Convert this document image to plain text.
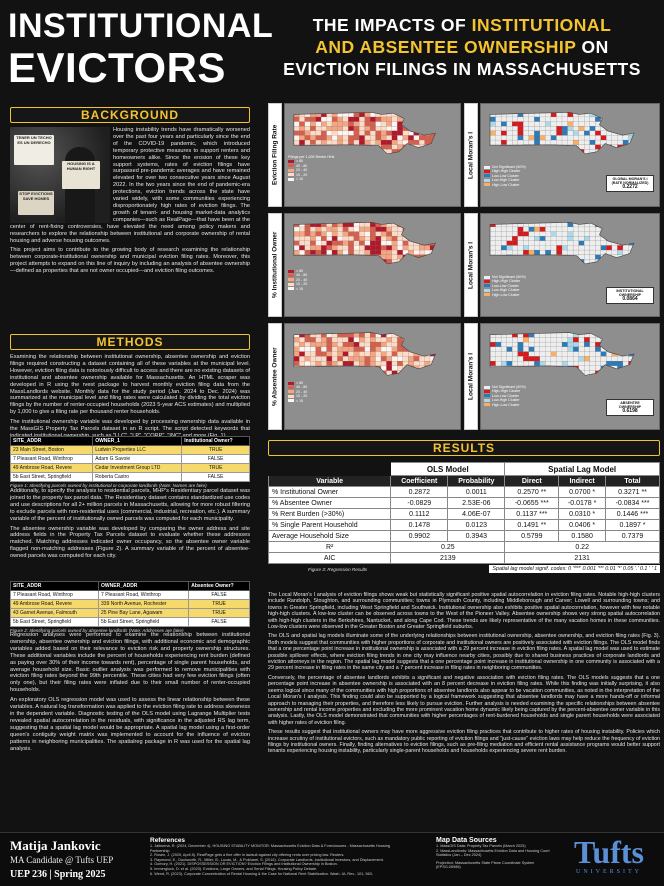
INSTITUTIONAL
EVICTORS
THE IMPACTS OF INSTITUTIONAL
AND ABSENTEE OWNERSHIP ON
EVICTION FILINGS IN MASSACHUSETTS
BACKGROUND
TENER UN TECHO ES UN DERECHO
HOUSING IS A HUMAN RIGHT
STOP EVICTIONS SAVE HOMES

Housing instability trends have dramatically worsened over the past four years and particularly since the end of the COVID-19 pandemic, which introduced temporary protective measures to support renters and homeowners alike. Since the erosion of these key support systems, rates of eviction filings have surpassed pre-pandemic averages and have remained elevated for over two consecutive years since August 2022. In the two years since the end of pandemic-era protections, eviction trends across the state have varied widely, with some communities experiencing disproportionately high rates of eviction filings. The growth of tenant- and housing market-data analytics companies—such as RealPage—that have been at the center of rent-fixing controversies, have elevated the need among policy makers and researchers to explore the relationship between institutional and corporate ownership of rental housing and adverse housing outcomes.

This project aims to contribute to the growing body of research examining the relationship between corporate-institutional ownership and municipal eviction filing rates. Moreover, this project attempts to expand on this line of inquiry by including an analysis of absentee ownership—defined as properties that are not owner occupied—and eviction filing outcomes.

METHODS

Examining the relationship between institutional ownership, absentee ownership and eviction filings required constructing a dataset containing all of these variables at the municipal level. However, eviction filing data is notoriously difficult to access and there are no existing datasets of institutional and absentee ownership available for Massachusetts. An HTML scraper was developed in R using the rvest package to harvest monthly eviction filing data from the MassLandlords website. Monthly data for the study period (Jan. 2024 to Dec. 2024) was summarized at the municipal level and filing rates were calculated by dividing the total eviction filings by the number of renter-occupied households (2023 5-year ACS estimates) and multiplied by 1,000 to give a filing rate per thousand renter households.

The institutional ownership variable was developed by processing ownership data available in the MassGIS Property Tax Parcels dataset in an R script. The script detected keywords that

SITE_ADDR	OWNER_1	Institutional Owner?
23 Main Street, Boston	Ludwin Properties LLC	TRUE
7 Pleasant Road, Winthrop	Adam G Savoie	FALSE
49 Ambrose Road, Revere	Cedar Investment Group LTD	TRUE
5b East Street, Springfield	Roberta Castro	FALSE
Figure 1: Identifying parcels owned by institutional or corporate landlords (Note: Names are fake)

Additionally, to specify the analysis to residential parcels, MHP's Residentiary parcel dataset was joined to the property tax parcel data. The Residentiary dataset contains standardized use codes and use descriptions for all 2+ million parcels in Massachusetts, allowing for more robust filtering to exclude parcels with non-residential uses (commercial, industrial, recreation, etc.). A summary variable of the percent of institutionally owned parcels was computed for each municipality.

The absentee ownership variable was developed by comparing the owner address and site address fields in the Property Tax Parcels dataset to evaluate whether these addresses matched. Matching addresses indicated owner occupancy, so the absentee owner variable flagged non-matching addresses (Figure 2). A summary variable of the percent of absentee-owned parcels was computed for each city.

SITE_ADDR	OWNER_ADDR	Absentee Owner?
7 Pleasant Road, Winthrop	7 Pleasant Road, Winthrop	FALSE
49 Ambrose Road, Revere	339 North Avenue, Rochester	TRUE
43 Garnet Avenue, Falmouth	25 Pine Bay Lane, Agawam	TRUE
5b East Street, Springfield	5b East Street, Springfield	FALSE
Figure 2: Identifying parcels owned by absentee landlords (Note: Addresses are fake)

Regression analyses were performed to examine the relationship between institutional ownership, absentee ownership and eviction filings, with additional economic and demographic variables added based on their relevance to eviction risk and property ownership structures. These additional variables include the percent of households experiencing rent burden (defined as paying over 30% of their income towards rent), percentage of single parent households, and average household size. Basic outlier analysis was performed to remove municipalities with eviction filing rates beyond the 99th percentile. These cities had very few eviction filings (often only one), but their filing rates were inflated due to their small number of renter-occupied households.

An exploratory OLS regression model was used to assess the linear relationship between these variables. A natural log transformation was applied to the eviction filing rate to address skewness in the dependent variable. Diagnostic testing of the OLS model using Lagrange Multiplier tests revealed spatial autocorrelation in the residuals, with significance in the adjusted RS lag term, suggesting that a spatial lag model would be appropriate. A spatial lag model using a first-order queen's contiguity weight matrix was implemented to account for the influence of eviction patterns in neighboring municipalities. The spatialreg package in R was used for the spatial lag analysis.

Eviction Filing Rate	Local Moran's I
% Institutional Owner	Local Moran's I
% Absentee Owner	Local Moran's I
Filings per 1,000 Renter HHs
> 80
40 - 80
20 - 40
10 - 20
< 10
> 80
40 - 80
20 - 40
10 - 20
< 10
> 80
40 - 80
20 - 40
10 - 20
< 10
Not Significant (60%)
High-High Cluster
Low-Low Cluster
Low-High Cluster
High-Low Cluster
GLOBAL MORAN'S I (RATE NORMALIZED)
0.2272
Not Significant (60%)
High-High Cluster
Low-Low Cluster
Low-High Cluster
High-Low Cluster
INSTITUTIONAL OWNERSHIP
0.0864
Not Significant (60%)
High-High Cluster
Low-Low Cluster
Low-High Cluster
High-Low Cluster	ABSENTEE OWNERSHIP
0.6198
RESULTS
	OLS Model		Spatial Lag Model		
Variable	Coefficient	Probability	Direct	Indirect	Total
% Institutional Owner	0.2872	0.0011	0.2570 **	0.0700 *	0.3271 **
% Absentee Owner	-0.0829	2.53E-06	-0.0655 ***	-0.0178 *	-0.0834 ***
% Rent Burden (>30%)	0.1112	4.06E-07	0.1137 ***	0.0310 *	0.1446 ***
% Single Parent Household	0.1478	0.0123	0.1491 **	0.0406 *	0.1897 *
Average Household Size	0.9902	0.3943	0.5799	0.1580	0.7379
R²	0.25		0.22		
AIC	2139		2131		
Figure 3: Regression Results	Spatial lag model signif. codes: 0 '***' 0.001 '**' 0.01 '*' 0.05 '.' 0.1 ' ' 1

The Local Moran's I analysis of eviction filings shows weak but statistically significant positive spatial autocorrelation in eviction filing rates. Notable high-high clusters include Randolph, Stoughton, and surrounding communities; towns in Plymouth County, including Middleborough and Carver; Lowell and surrounding towns; and towns in Greater Springfield, including West Springfield and Southwick. Institutional ownership also exhibits positive spatial autocorrelation, however with few notable high-high clusters. A low-low cluster can be observed across towns to the West of the Pioneer Valley. Absentee ownership shows very strong spatial autocorrelation with high-high clusters in the Berkshires, Nantucket, and along Cape Cod. These trends are likely representative of the many vacation homes in these communities. Low-low clusters were observed in the Greater Boston and Greater Springfield suburbs.

The OLS and spatial lag models illuminate some of the underlying relationships between institutional ownership, absentee ownership, and eviction filing rates (Fig. 3). Both models suggest that communities with higher proportions of corporate and institutional owners are positively associated with eviction filings. The OLS model finds that a one percentage point increase in institutional ownership is associated with a 29 percent increase in eviction filing rates. A spatial lag model was used to estimate possible spillover effects, where eviction filing trends in one city may influence nearby cities, possibly due to shared business practices of corporate landlords and eviction attorneys in the region. The spatial lag model suggests that a one percentage point increase in institutional ownership in one community is associated with a 29 percent increase in filing rates in the same city and a 7 percent increase in filing rates in neighboring communities.

Conversely, the percentage of absentee landlords exhibits a significant and negative association with eviction filing rates. The OLS models suggests that a one percentage point increase in absentee ownership is associated with an 8 percent decrease in eviction filing rates. While this finding was initially surprising, it also seems logical since many of the communities with high proportions of absentee landlords also appear to be vacation communities, as noted in the interpretation of the Local Moran's I analysis. This finding could also be supported by a logical framework suggesting that absentee landlords may have a more hands-off or informal approach to managing their properties, and therefore less likely to pursue eviction. Further analysis is needed examining the specific relationships between absentee ownership and rental income properties and excluding the more prominent vacation home dynamic likely being captured by the percent-absentee owner variable in this analysis. Lastly, the OLS model demonstrated that communities with higher percentages of rent-burdened households and single parent households were associated with higher rates of eviction filing.

These results suggest that institutional owners may have more aggressive eviction filing practices that contribute to higher rates of housing instability. Policies which increase scrutiny of institutional evictors, such as mandatory public reporting of eviction filings and "just-cause" eviction laws may help reduce the frequency of eviction filings by institutional owners. Finally, finding alternatives to eviction filings, such as pre-filing mediation and efficient rental assistance programs would better support tenants experiencing housing instability, particularly single-parent households and households experiencing severe rent burden.

Matija Jankovic
MA Candidate @ Tufts UEP
UEP 236 | Spring 2025
References
1. Jalbuena, R. (2024, December 4). HOUSING STABILITY MONITOR: Massachusetts Eviction Data & Foreclosures - Massachusetts Housing Partnership.
2. Rosen, J. (2025, April 8). RealPage gets a fine offer in lawsuit against city offering rents over pricing law. Reuters.
3. Raymond, E., Duckworth, R., Miller, B., Lucas, M., & Pokharel, S. (2016). Corporate Landlords, Institutional Investors, and Displacement.
4. Gomory, H. (2021). DISPOSSESSION OR EVICTION? Eviction Filings and Institutional Ownership in Boston.
5. Immergluck, D. et al. (2020). Evictions, Large Owners, and Serial Filings. Housing Policy Debate.
6. Wend, R. (2023). Corporate Concentration of Rental Housing & the Case for National Rent Stabilization. Wash. UL Rev., 101, 563.
Map Data Sources
1. MassGIS Data: Property Tax Parcels (March 2025)
2. MassLandlords: Massachusetts Eviction Data and Housing Court Statistics (Jan – Dec 2024)
Projection: Massachusetts State Plane Coordinate System (EPSG:26986)	Tufts
UNIVERSITY
